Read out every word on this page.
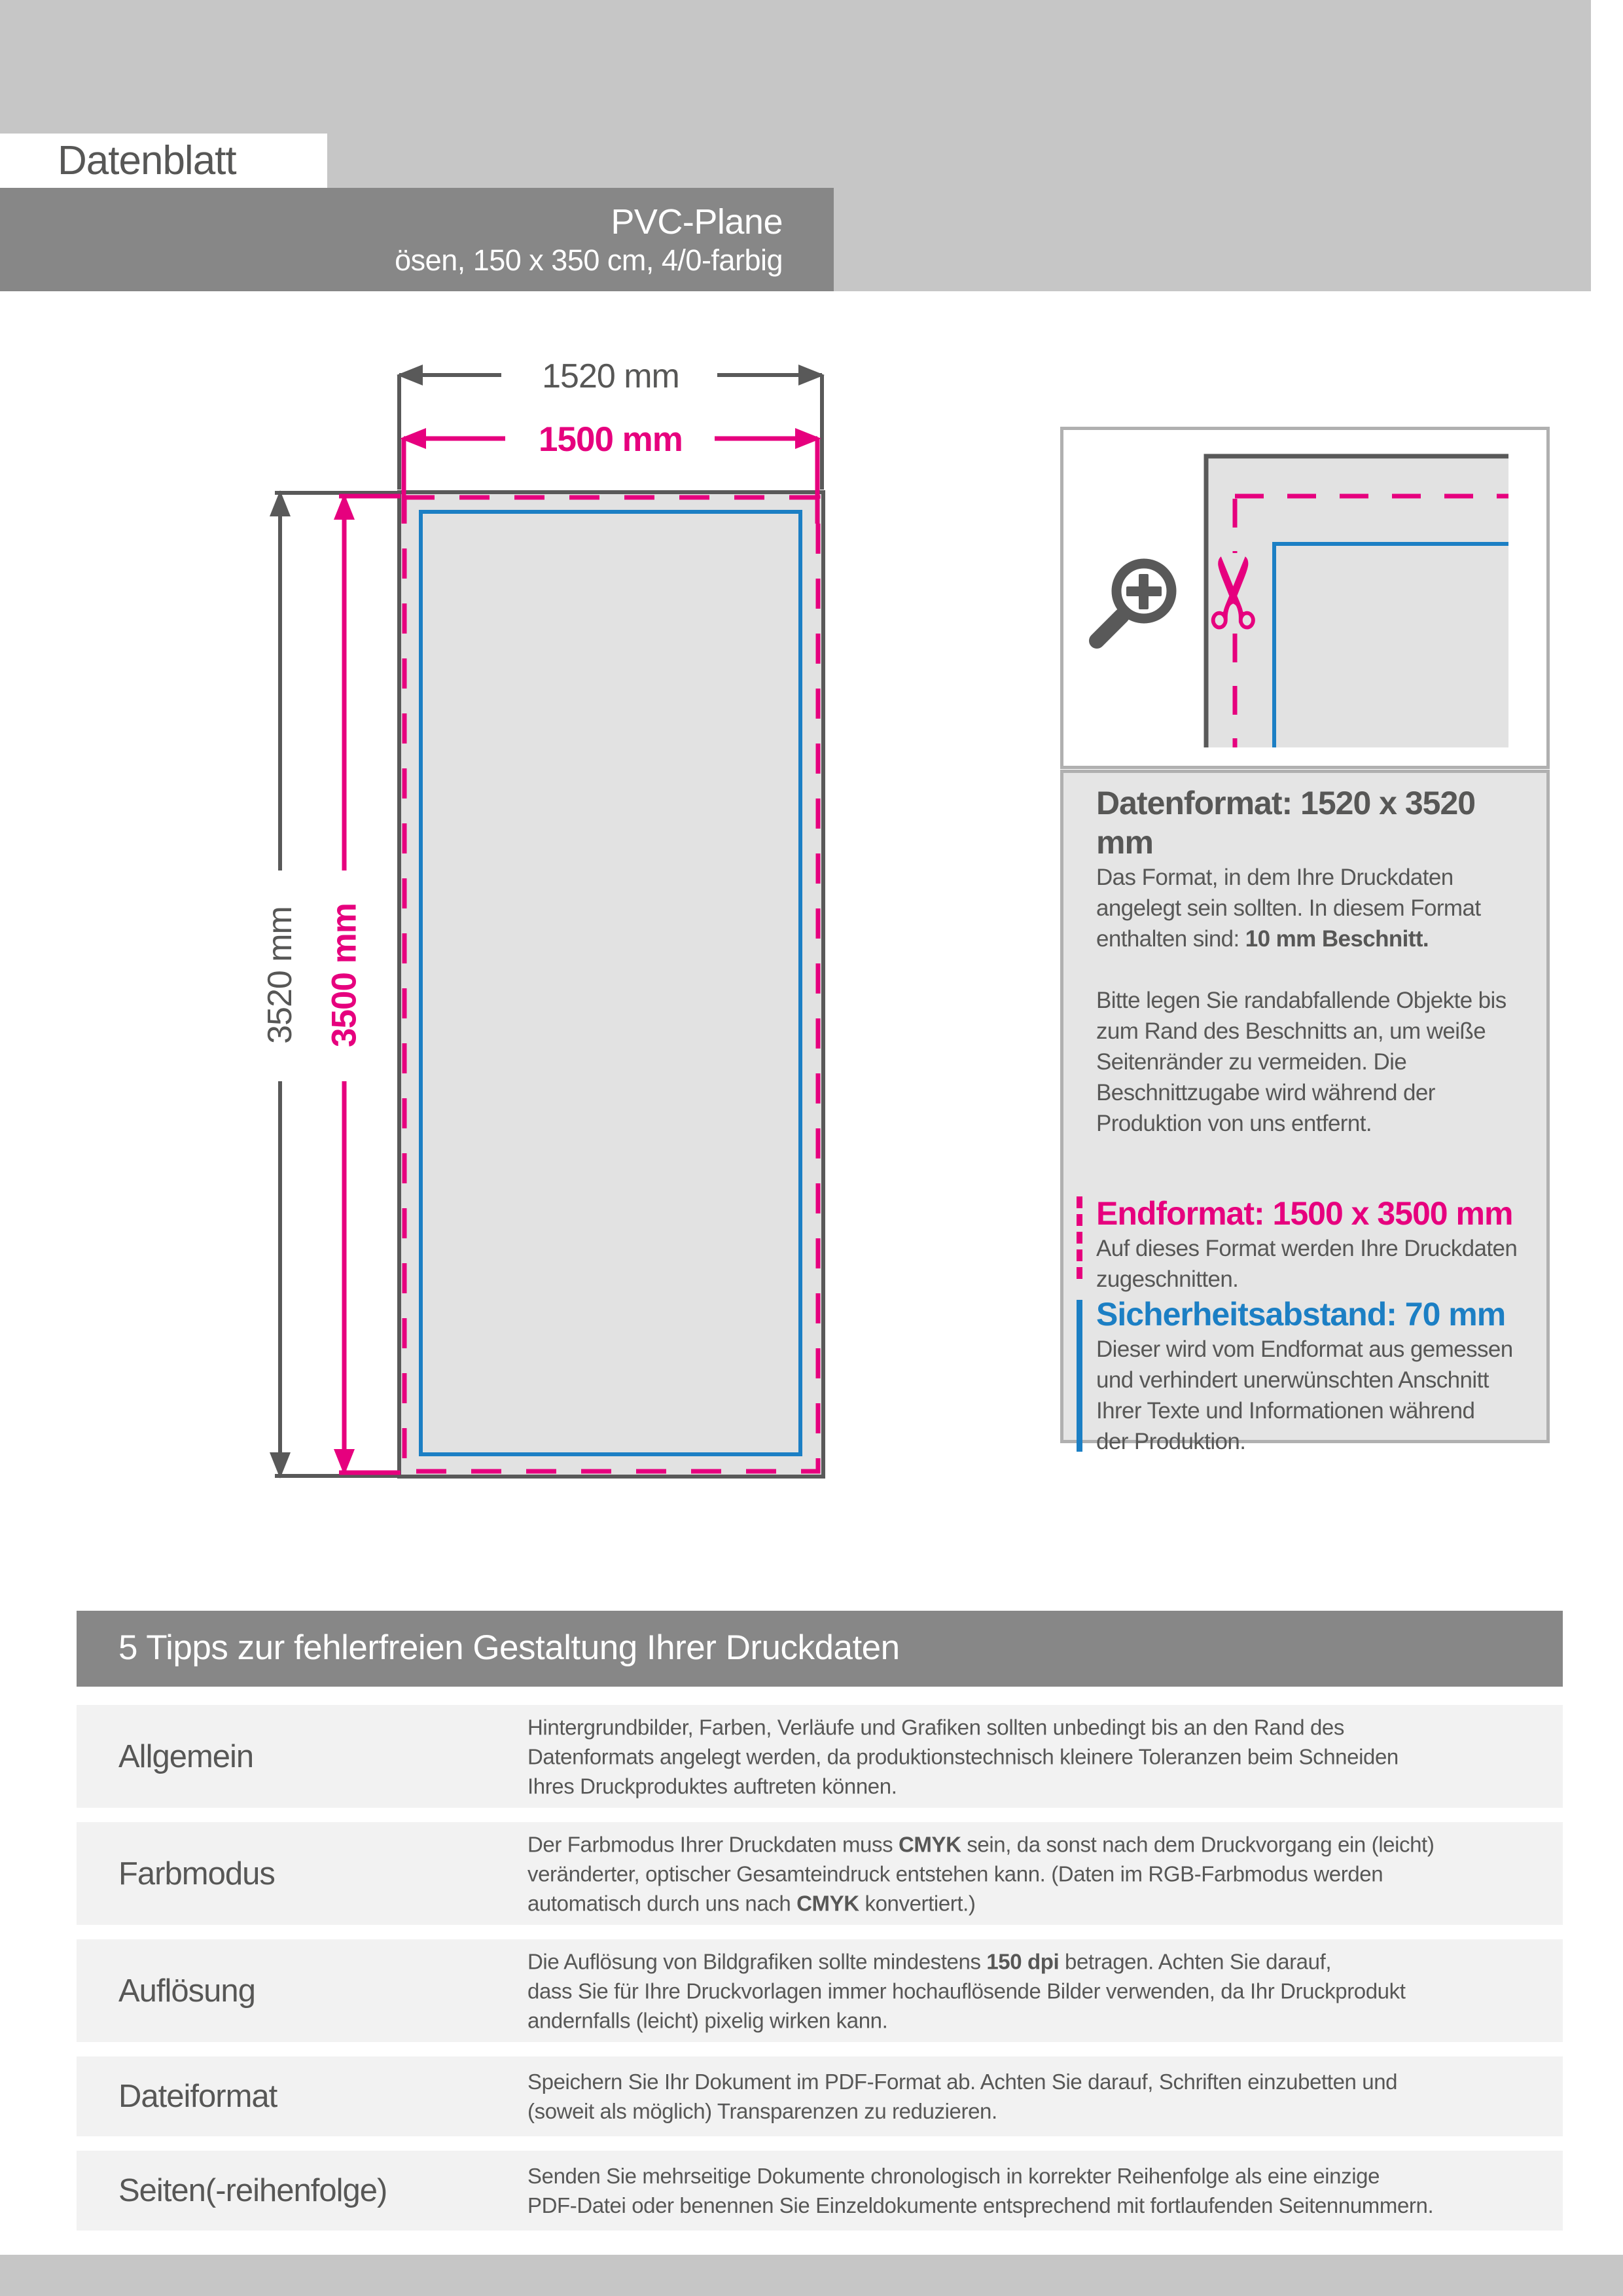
Datenblatt
PVC-Plane
ösen, 150 x 350 cm, 4/0-farbig
1520 mm
1500 mm
3520 mm 3500 mm
✂
Datenformat: 1520 x 3520 mm
Das Format, in dem Ihre Druckdaten
angelegt sein sollten. In diesem Format
enthalten sind: 10 mm Beschnitt.

Bitte legen Sie randabfallende Objekte bis
zum Rand des Beschnitts an, um weiße
Seitenränder zu vermeiden. Die
Beschnittzugabe wird während der
Produktion von uns entfernt.
Endformat: 1500 x 3500 mm
Auf dieses Format werden Ihre Druckdaten
zugeschnitten.
Sicherheitsabstand: 70 mm
Dieser wird vom Endformat aus gemessen
und verhindert unerwünschten Anschnitt
Ihrer Texte und Informationen während
der Produktion.
5 Tipps zur fehlerfreien Gestaltung Ihrer Druckdaten
Allgemein
Hintergrundbilder, Farben, Verläufe und Grafiken sollten unbedingt bis an den Rand des
Datenformats angelegt werden, da produktionstechnisch kleinere Toleranzen beim Schneiden
Ihres Druckproduktes auftreten können.
Farbmodus
Der Farbmodus Ihrer Druckdaten muss CMYK sein, da sonst nach dem Druckvorgang ein (leicht)
veränderter, optischer Gesamteindruck entstehen kann. (Daten im RGB-Farbmodus werden
automatisch durch uns nach CMYK konvertiert.)
Auflösung
Die Auflösung von Bildgrafiken sollte mindestens 150 dpi betragen. Achten Sie darauf,
dass Sie für Ihre Druckvorlagen immer hochauflösende Bilder verwenden, da Ihr Druckprodukt
andernfalls (leicht) pixelig wirken kann.
Dateiformat	Speichern Sie Ihr Dokument im PDF-Format ab. Achten Sie darauf, Schriften einzubetten und
(soweit als möglich) Transparenzen zu reduzieren.
Seiten(-reihenfolge)	Senden Sie mehrseitige Dokumente chronologisch in korrekter Reihenfolge als eine einzige
PDF-Datei oder benennen Sie Einzeldokumente entsprechend mit fortlaufenden Seitennummern.
